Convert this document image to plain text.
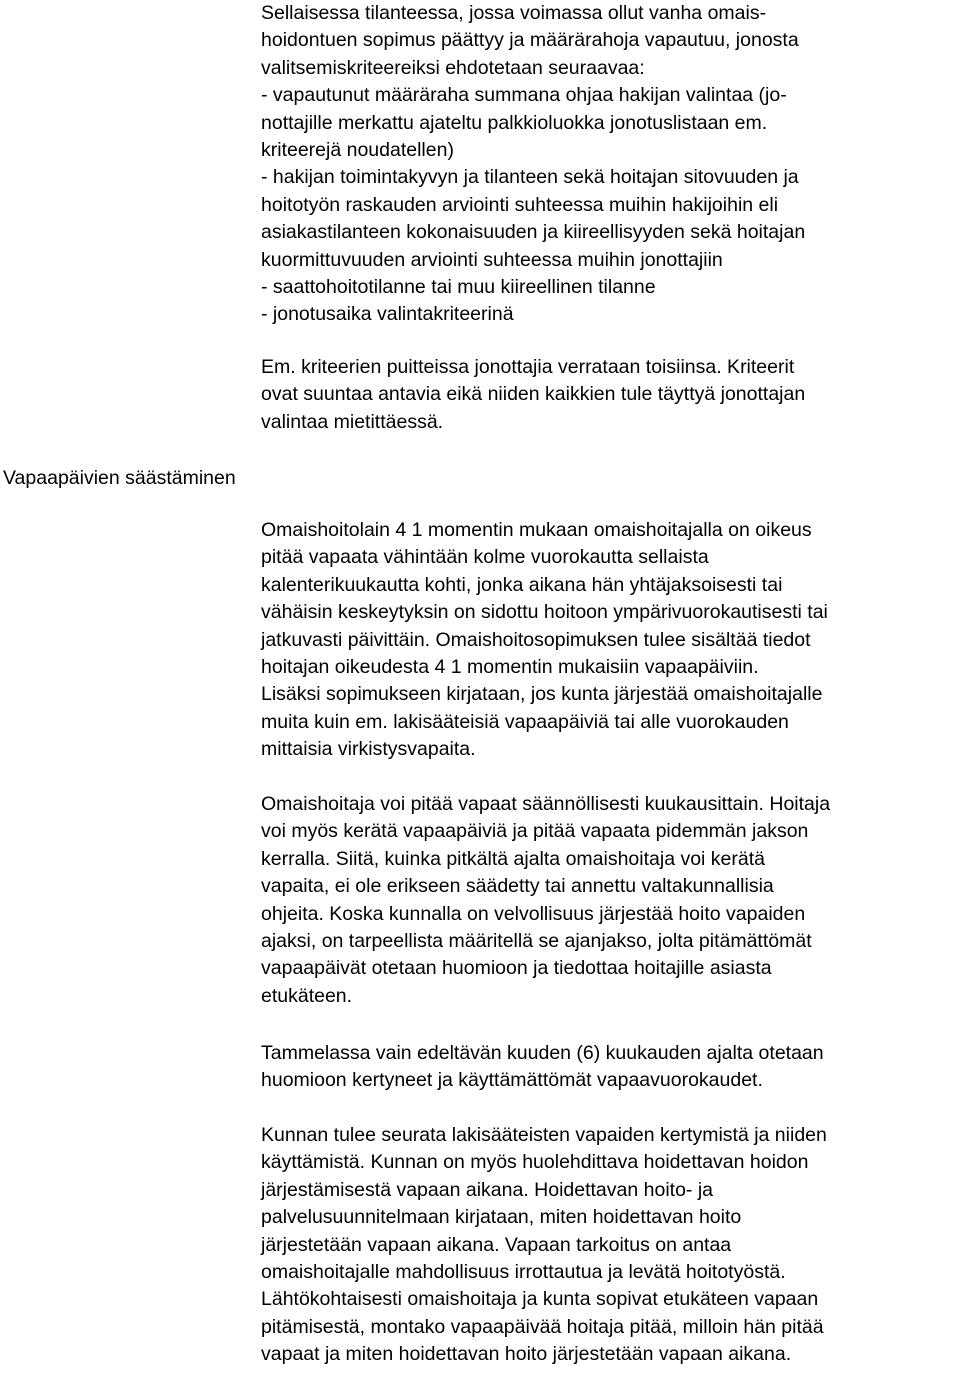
Vapaapäivien säästäminen
Sellaisessa tilanteessa, jossa voimassa ollut vanha omais-
hoidontuen sopimus päättyy ja määrärahoja vapautuu, jonosta
valitsemiskriteereiksi ehdotetaan seuraavaa:
- vapautunut määräraha summana ohjaa hakijan valintaa (jo-
nottajille merkattu ajateltu palkkioluokka jonotuslistaan em.
kriteerejä noudatellen)
- hakijan toimintakyvyn ja tilanteen sekä hoitajan sitovuuden ja
hoitotyön raskauden arviointi suhteessa muihin hakijoihin eli
asiakastilanteen kokonaisuuden ja kiireellisyyden sekä hoitajan
kuormittuvuuden arviointi suhteessa muihin jonottajiin
- saattohoitotilanne tai muu kiireellinen tilanne
- jonotusaika valintakriteerinä
Em. kriteerien puitteissa jonottajia verrataan toisiinsa. Kriteerit
ovat suuntaa antavia eikä niiden kaikkien tule täyttyä jonottajan
valintaa mietittäessä.
Omaishoitolain 4 1 momentin mukaan omaishoitajalla on oikeus
pitää vapaata vähintään kolme vuorokautta sellaista
kalenterikuukautta kohti, jonka aikana hän yhtäjaksoisesti tai
vähäisin keskeytyksin on sidottu hoitoon ympärivuorokautisesti tai
jatkuvasti päivittäin. Omaishoitosopimuksen tulee sisältää tiedot
hoitajan oikeudesta 4 1 momentin mukaisiin vapaapäiviin.
Lisäksi sopimukseen kirjataan, jos kunta järjestää omaishoitajalle
muita kuin em. lakisääteisiä vapaapäiviä tai alle vuorokauden
mittaisia virkistysvapaita.
Omaishoitaja voi pitää vapaat säännöllisesti kuukausittain. Hoitaja
voi myös kerätä vapaapäiviä ja pitää vapaata pidemmän jakson
kerralla. Siitä, kuinka pitkältä ajalta omaishoitaja voi kerätä
vapaita, ei ole erikseen säädetty tai annettu valtakunnallisia
ohjeita. Koska kunnalla on velvollisuus järjestää hoito vapaiden
ajaksi, on tarpeellista määritellä se ajanjakso, jolta pitämättömät
vapaapäivät otetaan huomioon ja tiedottaa hoitajille asiasta
etukäteen.
Tammelassa vain edeltävän kuuden (6) kuukauden ajalta otetaan
huomioon kertyneet ja käyttämättömät vapaavuorokaudet.
Kunnan tulee seurata lakisääteisten vapaiden kertymistä ja niiden
käyttämistä. Kunnan on myös huolehdittava hoidettavan hoidon
järjestämisestä vapaan aikana. Hoidettavan hoito- ja
palvelusuunnitelmaan kirjataan, miten hoidettavan hoito
järjestetään vapaan aikana. Vapaan tarkoitus on antaa
omaishoitajalle mahdollisuus irrottautua ja levätä hoitotyöstä.
Lähtökohtaisesti omaishoitaja ja kunta sopivat etukäteen vapaan
pitämisestä, montako vapaapäivää hoitaja pitää, milloin hän pitää
vapaat ja miten hoidettavan hoito järjestetään vapaan aikana.
